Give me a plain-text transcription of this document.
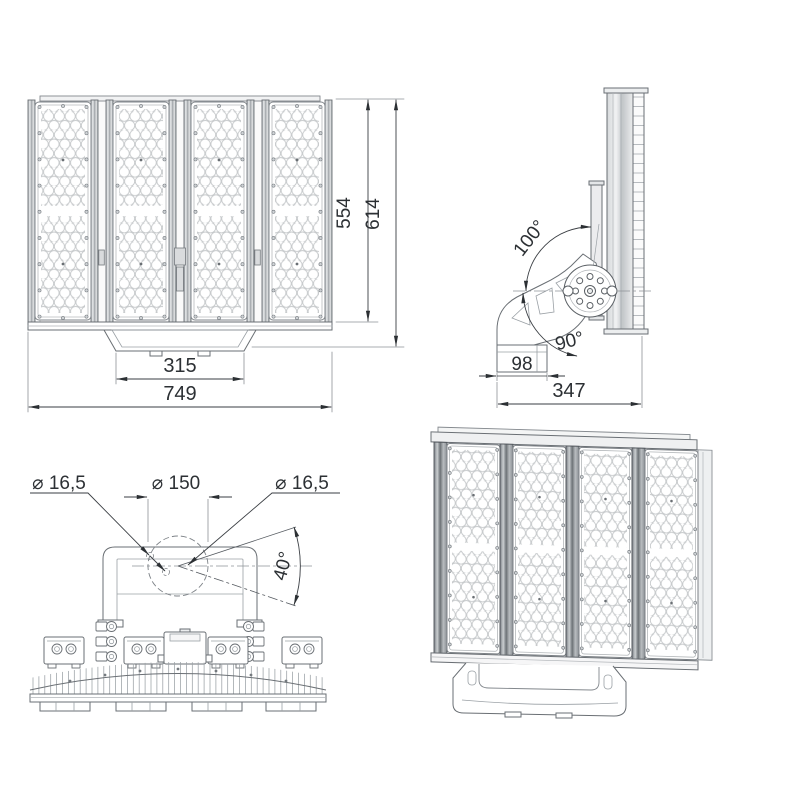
554 614
315
749
100°
90°
98
347
40°
⌀ 16,5	⌀ 150	⌀ 16,5
